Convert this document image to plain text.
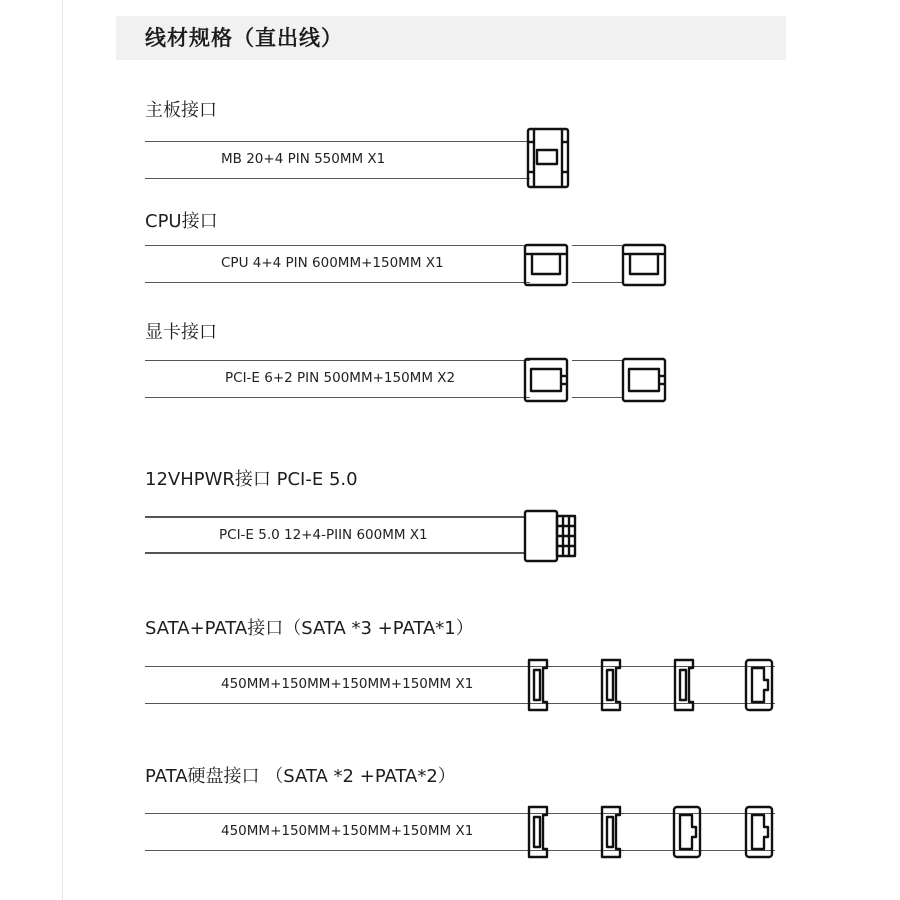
线材规格（直出线）
主板接口
MB 20+4 PIN 550MM X1
CPU接口
CPU 4+4 PIN 600MM+150MM X1
显卡接口
PCI-E 6+2 PIN 500MM+150MM X2
12VHPWR接口 PCI-E 5.0
PCI-E 5.0 12+4-PIIN 600MM X1
SATA+PATA接口（SATA *3 +PATA*1）
450MM+150MM+150MM+150MM X1
PATA硬盘接口 （SATA *2 +PATA*2）
450MM+150MM+150MM+150MM X1
